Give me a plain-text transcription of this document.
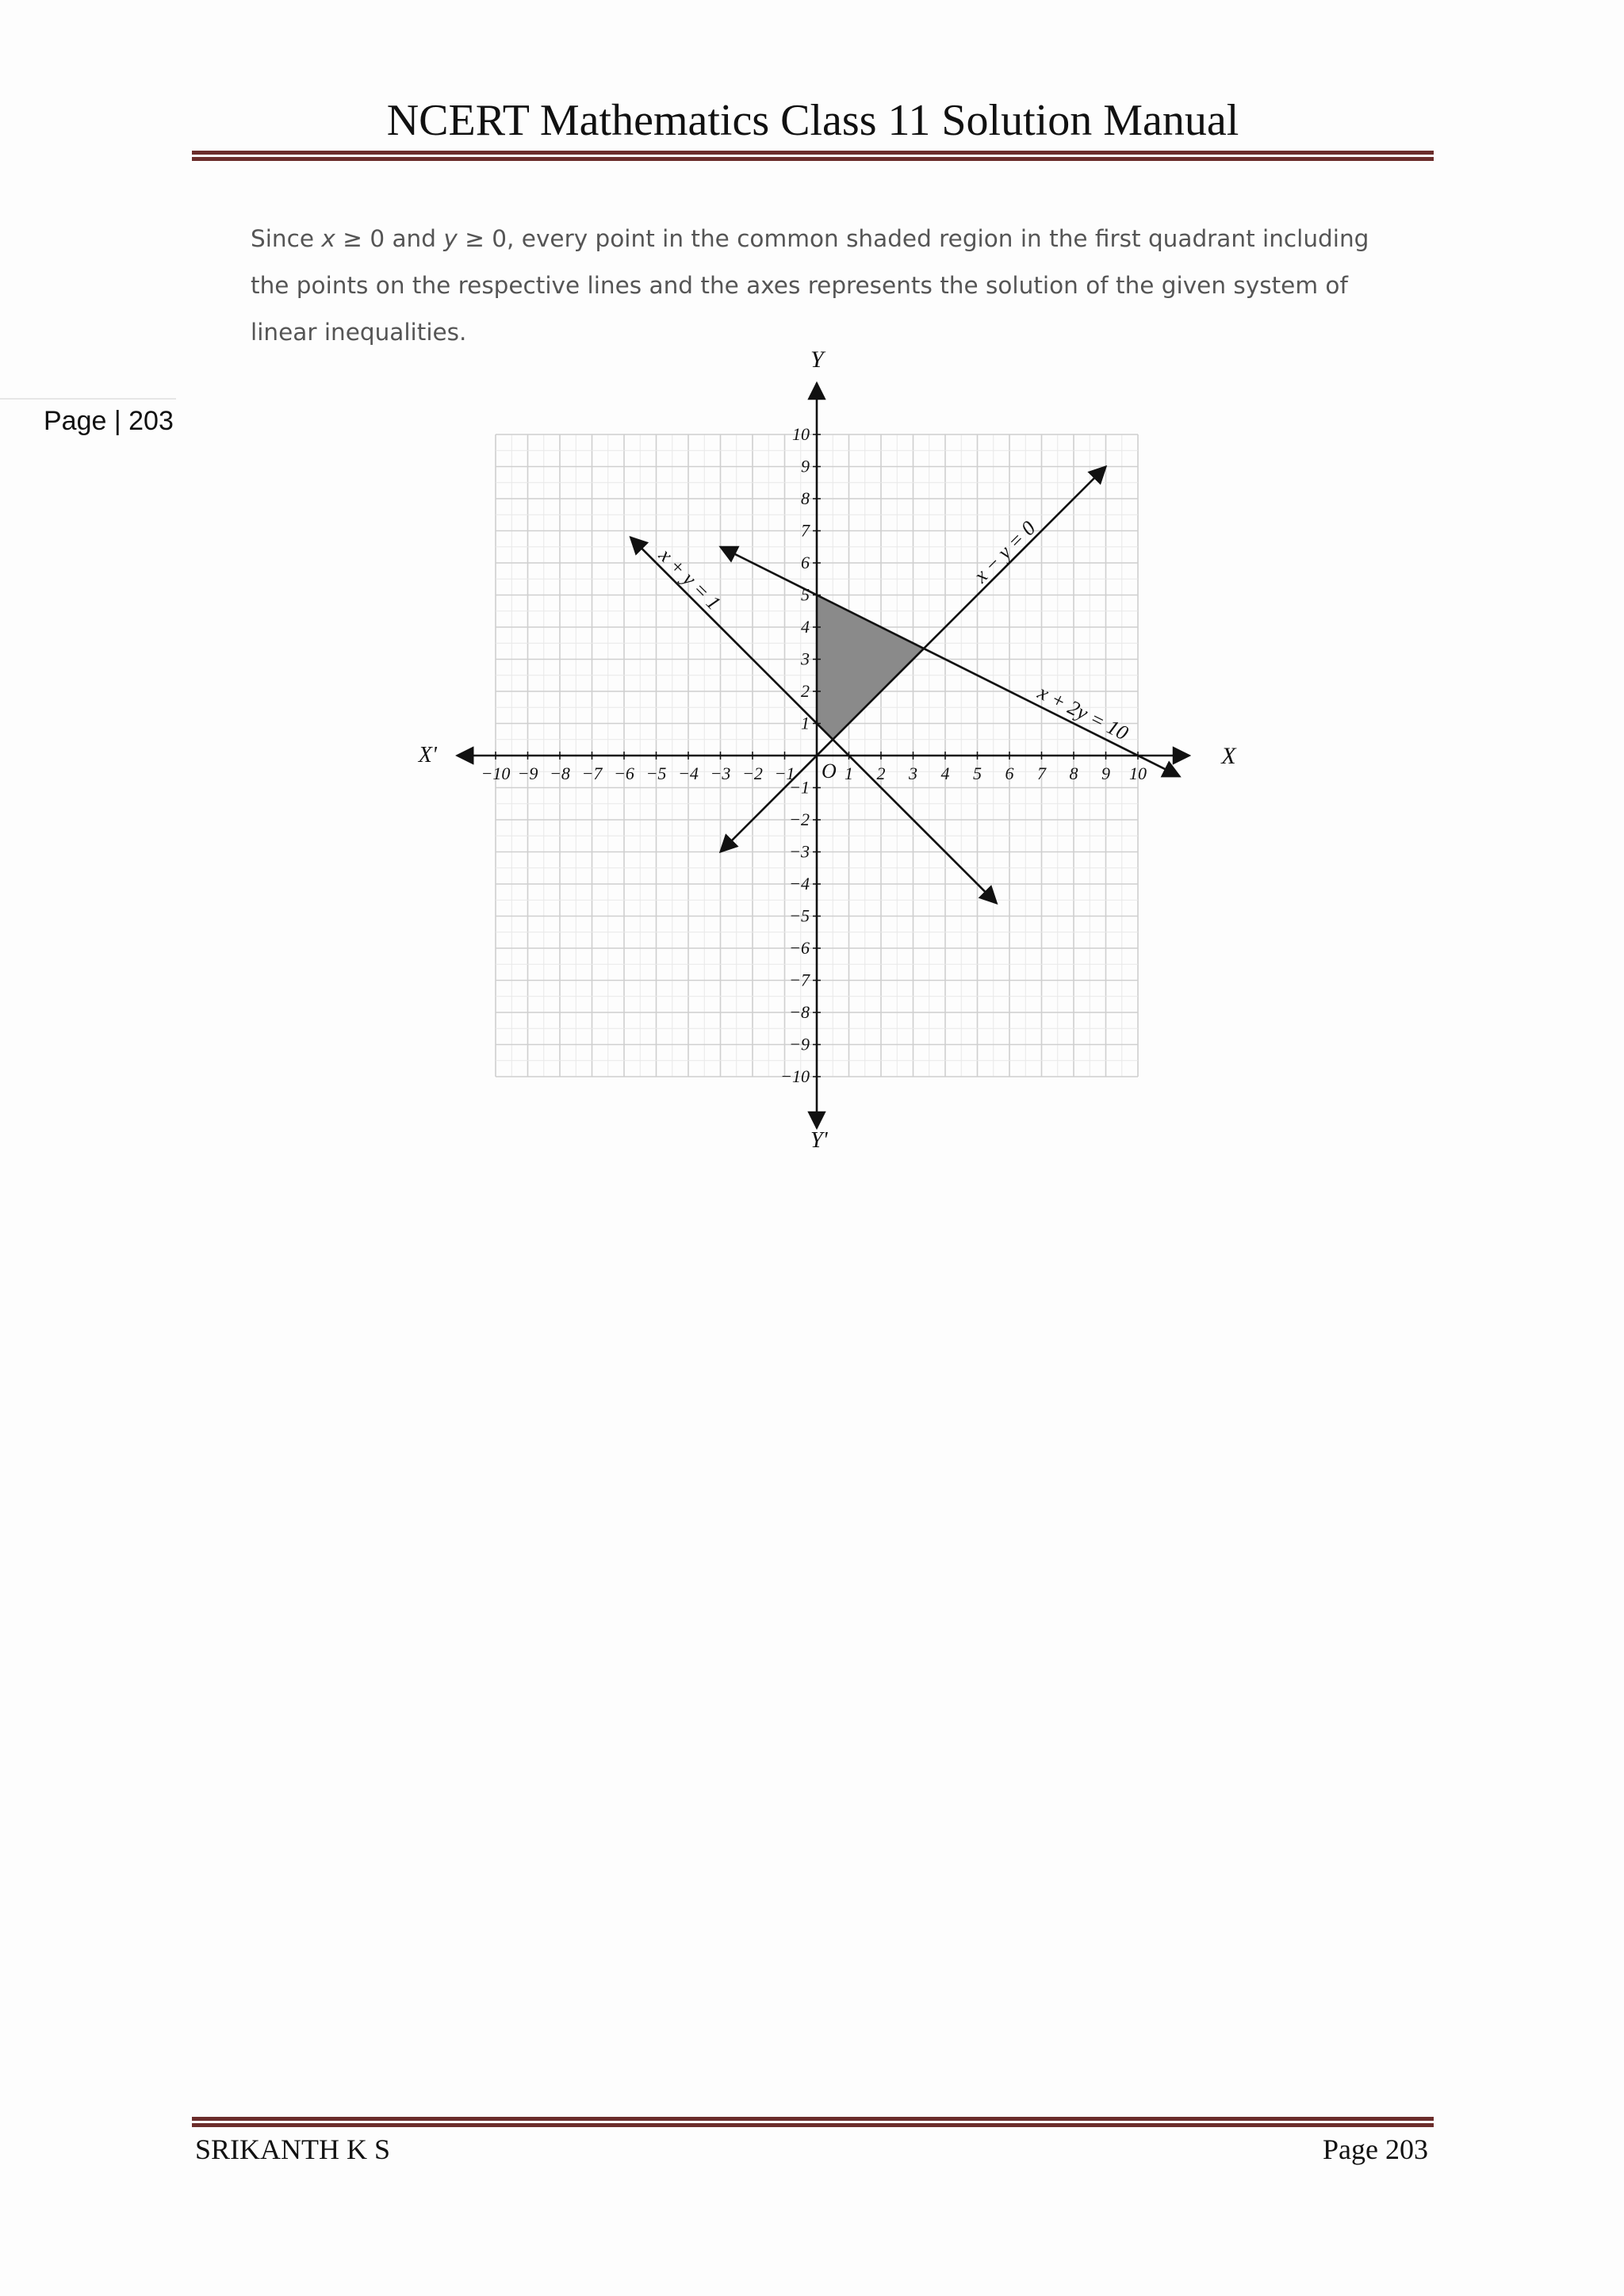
NCERT Mathematics Class 11 Solution Manual
Page | 203
Since x ≥ 0 and y ≥ 0, every point in the common shaded region in the first quadrant including the points on the respective lines and the axes represents the solution of the given system of linear inequalities.
x − y = 0
x + y = 1
x + 2y = 10
X
X'
Y
Y'
O
−10 −9 −8 −7 −6 −5 −4 −3 −2 −1	1 2 3 4 5 6 7 8 9 10
10
9
8
7
6
5
4
3
2
1
−1
−2
−3
−4
−5
−6
−7
−8
−9
−10
SRIKANTH K S	Page 203
